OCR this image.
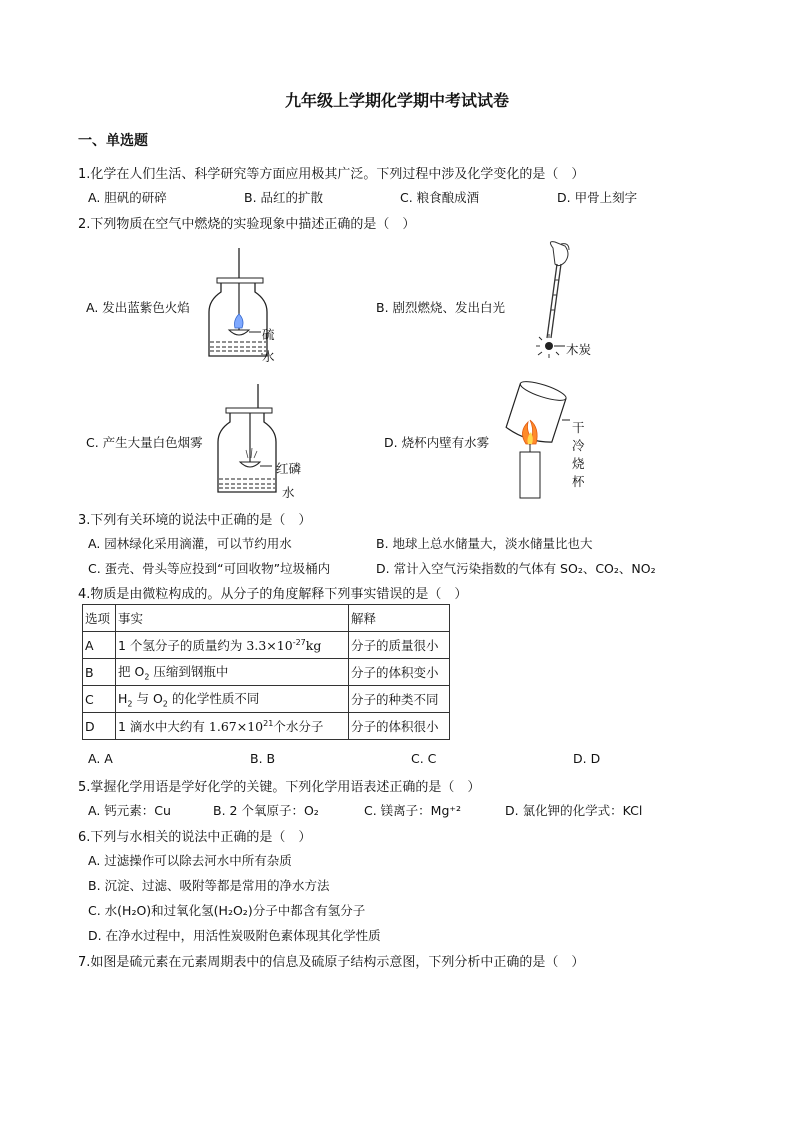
九年级上学期化学期中考试试卷
一、单选题
1.化学在人们生活、科学研究等方面应用极其广泛。下列过程中涉及化学变化的是（　）
A. 胆矾的研碎	B. 品红的扩散	C. 粮食酿成酒	D. 甲骨上刻字
2.下列物质在空气中燃烧的实验现象中描述正确的是（　）
A. 发出蓝紫色火焰	B. 剧烈燃烧、发出白光
C. 产生大量白色烟雾	D. 烧杯内壁有水雾
硫
水	木炭
红磷
水
干
冷
烧
杯
3.下列有关环境的说法中正确的是（　）
A. 园林绿化采用滴灌，可以节约用水	B. 地球上总水储量大，淡水储量比也大
C. 蛋壳、骨头等应投到“可回收物”垃圾桶内	D. 常计入空气污染指数的气体有 SO₂、CO₂、NO₂
4.物质是由微粒构成的。从分子的角度解释下列事实错误的是（　）
选项	事实	解释
A	1 个氢分子的质量约为 $3.3\times 10^{-27}kg$	分子的质量很小
B	把 $O_2$ 压缩到钢瓶中	分子的体积变小
C	$H_2$ 与 $O_2$ 的化学性质不同	分子的种类不同
D	1 滴水中大约有 $1.67\times 10^{21}$个水分子	分子的体积很小
A. A	B. B	C. C	D. D
5.掌握化学用语是学好化学的关键。下列化学用语表述正确的是（　）
A. 钙元素：Cu	B. 2 个氧原子：O₂	C. 镁离子：Mg⁺²	D. 氯化钾的化学式：KCl
6.下列与水相关的说法中正确的是（　）
A. 过滤操作可以除去河水中所有杂质
B. 沉淀、过滤、吸附等都是常用的净水方法
C. 水(H₂O)和过氧化氢(H₂O₂)分子中都含有氢分子
D. 在净水过程中，用活性炭吸附色素体现其化学性质
7.如图是硫元素在元素周期表中的信息及硫原子结构示意图，下列分析中正确的是（　）
